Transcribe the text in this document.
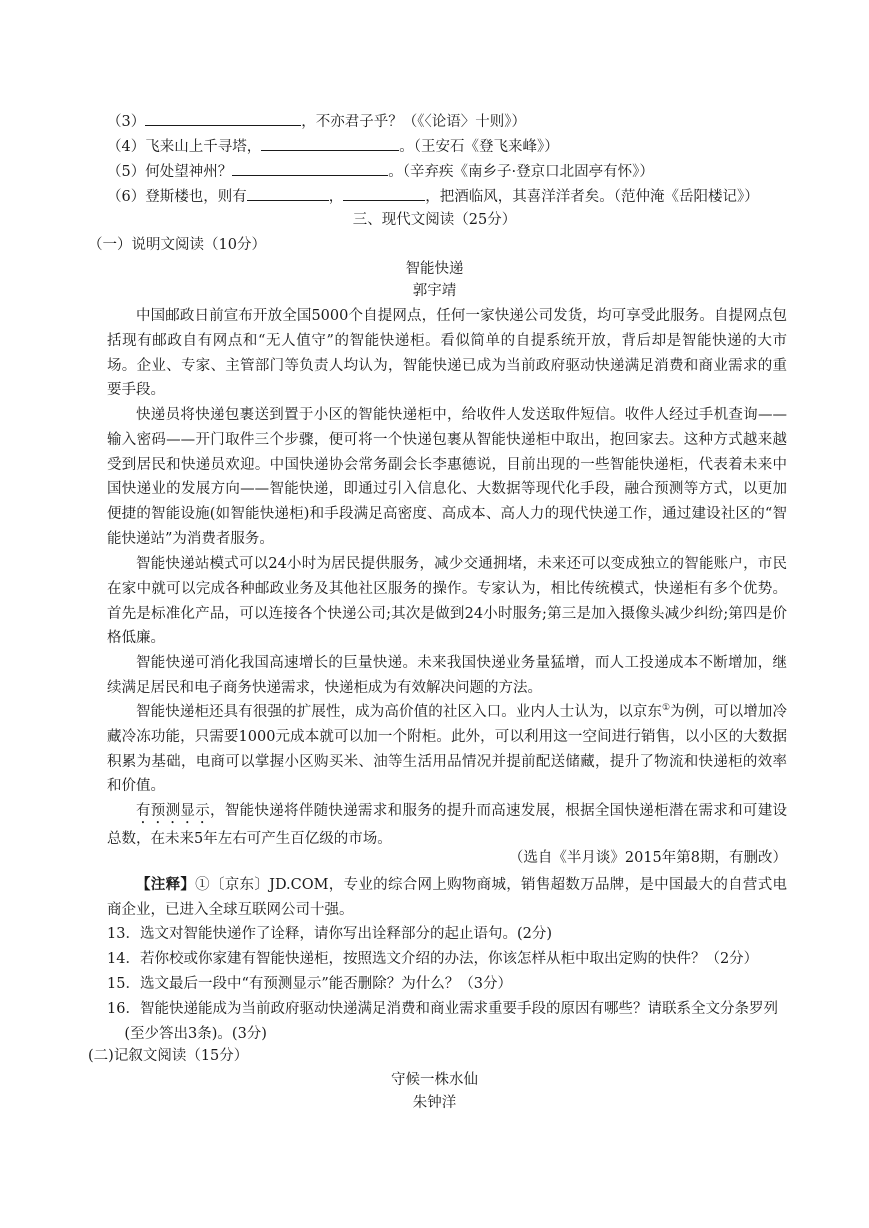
（3）	，不亦君子乎？（《〈论语〉十则》）
（4）飞来山上千寻塔，	。（王安石《登飞来峰》）
（5）何处望神州？	。（辛弃疾《南乡子·登京口北固亭有怀》）
（6）登斯楼也，则有	，	，把酒临风，其喜洋洋者矣。（范仲淹《岳阳楼记》）
三、现代文阅读（25分）
（一）说明文阅读（10分）
智能快递
郭宇靖
中国邮政日前宣布开放全国5000个自提网点，任何一家快递公司发货，均可享受此服务。自提网点包括现有邮政自有网点和“无人值守”的智能快递柜。看似简单的自提系统开放，背后却是智能快递的大市场。企业、专家、主管部门等负责人均认为，智能快递已成为当前政府驱动快递满足消费和商业需求的重要手段。
快递员将快递包裹送到置于小区的智能快递柜中，给收件人发送取件短信。收件人经过手机查询——输入密码——开门取件三个步骤，便可将一个快递包裹从智能快递柜中取出，抱回家去。这种方式越来越受到居民和快递员欢迎。中国快递协会常务副会长李惠德说，目前出现的一些智能快递柜，代表着未来中国快递业的发展方向——智能快递，即通过引入信息化、大数据等现代化手段，融合预测等方式，以更加便捷的智能设施(如智能快递柜)和手段满足高密度、高成本、高人力的现代快递工作，通过建设社区的“智能快递站”为消费者服务。
智能快递站模式可以24小时为居民提供服务，减少交通拥堵，未来还可以变成独立的智能账户，市民在家中就可以完成各种邮政业务及其他社区服务的操作。专家认为，相比传统模式，快递柜有多个优势。首先是标准化产品，可以连接各个快递公司;其次是做到24小时服务;第三是加入摄像头减少纠纷;第四是价格低廉。
智能快递可消化我国高速增长的巨量快递。未来我国快递业务量猛增，而人工投递成本不断增加，继续满足居民和电子商务快递需求，快递柜成为有效解决问题的方法。
智能快递柜还具有很强的扩展性，成为高价值的社区入口。业内人士认为，以京东①为例，可以增加冷藏冷冻功能，只需要1000元成本就可以加一个附柜。此外，可以利用这一空间进行销售，以小区的大数据积累为基础，电商可以掌握小区购买米、油等生活用品情况并提前配送储藏，提升了物流和快递柜的效率和价值。
有预测显示，智能快递将伴随快递需求和服务的提升而高速发展，根据全国快递柜潜在需求和可建设总数，在未来5年左右可产生百亿级的市场。
（选自《半月谈》2015年第8期，有删改）
【注释】①〔京东〕JD.COM，专业的综合网上购物商城，销售超数万品牌，是中国最大的自营式电商企业，已进入全球互联网公司十强。
13．选文对智能快递作了诠释，请你写出诠释部分的起止语句。(2分)
14．若你校或你家建有智能快递柜，按照选文介绍的办法，你该怎样从柜中取出定购的快件？（2分）
15．选文最后一段中“有预测显示”能否删除？为什么？（3分）
16．智能快递能成为当前政府驱动快递满足消费和商业需求重要手段的原因有哪些？请联系全文分条罗列(至少答出3条)。(3分)
(二)记叙文阅读（15分）
守候一株水仙
朱钟洋
